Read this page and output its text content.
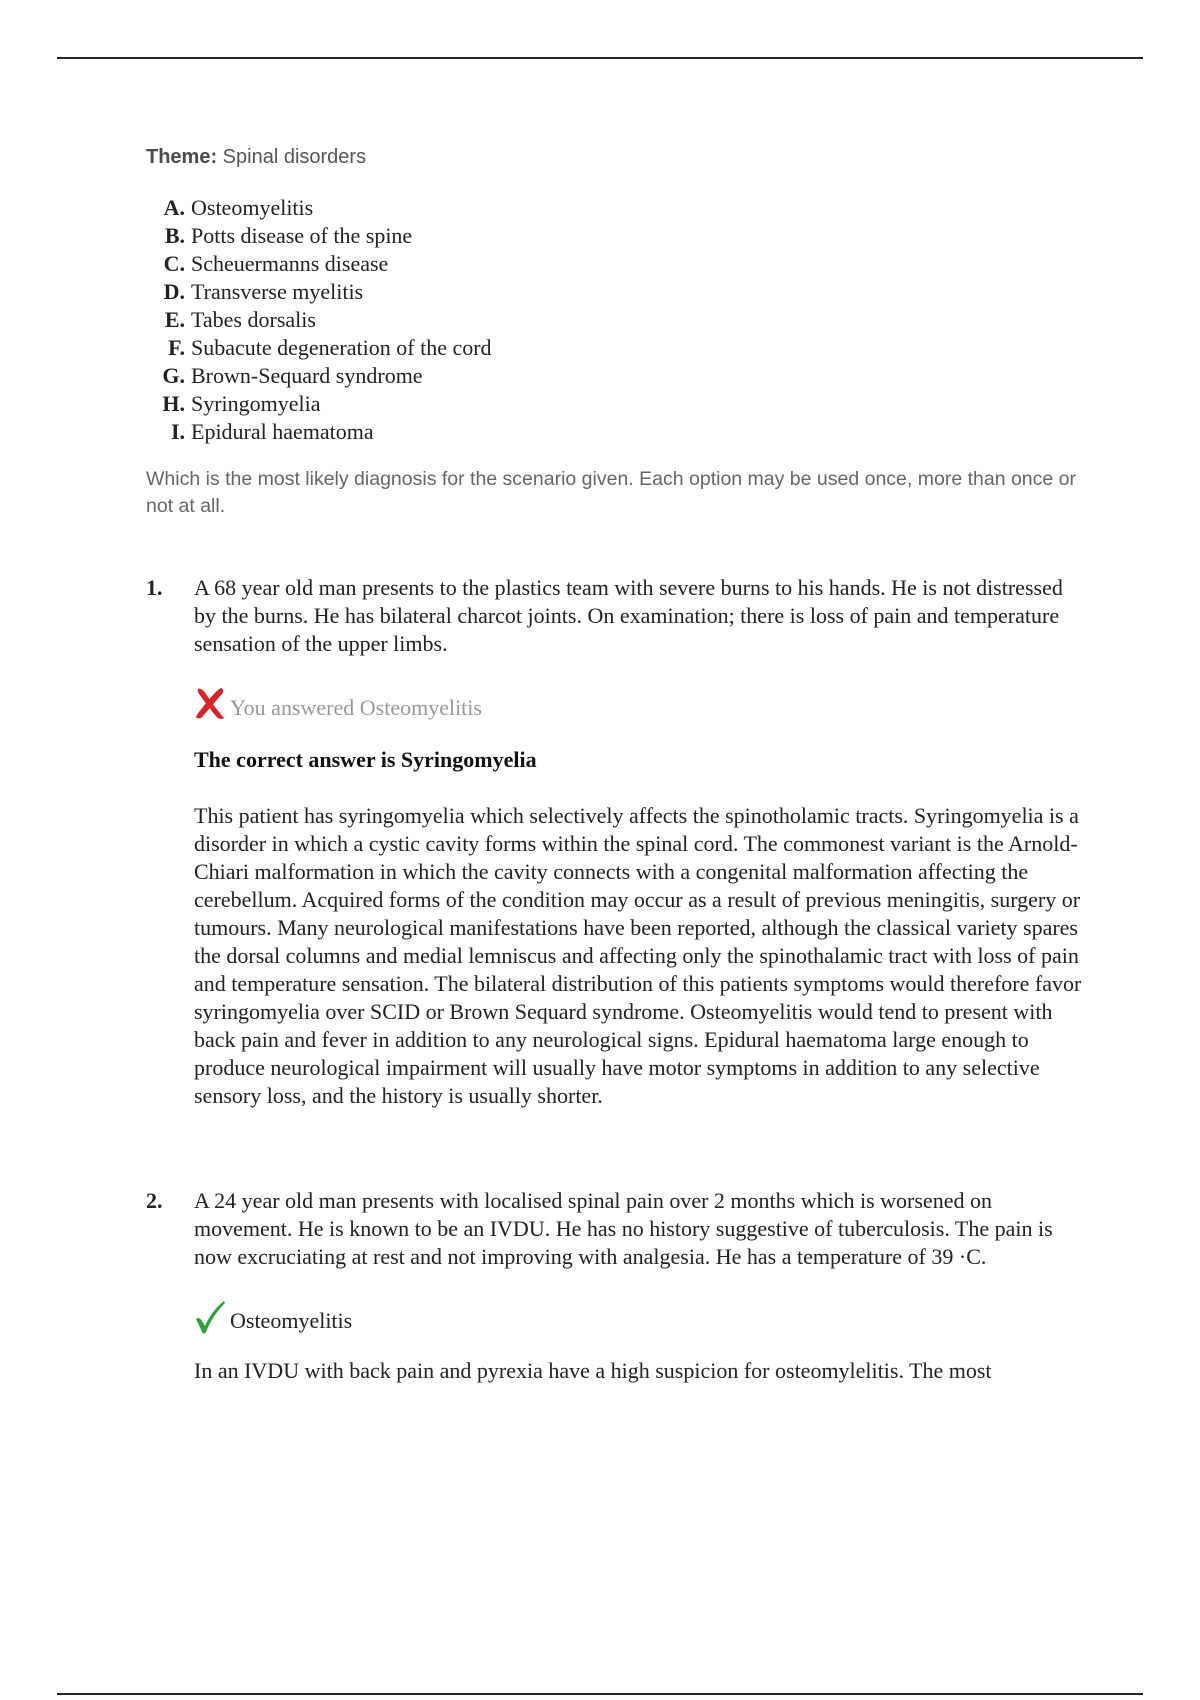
Theme: Spinal disorders
A. Osteomyelitis
B. Potts disease of the spine
C. Scheuermanns disease
D. Transverse myelitis
E. Tabes dorsalis
F. Subacute degeneration of the cord
G. Brown-Sequard syndrome
H. Syringomyelia
I. Epidural haematoma
Which is the most likely diagnosis for the scenario given. Each option may be used once, more than once or not at all.
1. A 68 year old man presents to the plastics team with severe burns to his hands. He is not distressed by the burns. He has bilateral charcot joints. On examination; there is loss of pain and temperature sensation of the upper limbs.

You answered Osteomyelitis
The correct answer is Syringomyelia

This patient has syringomyelia which selectively affects the spinotholamic tracts. Syringomyelia is a disorder in which a cystic cavity forms within the spinal cord. The commonest variant is the Arnold- Chiari malformation in which the cavity connects with a congenital malformation affecting the cerebellum. Acquired forms of the condition may occur as a result of previous meningitis, surgery or tumours. Many neurological manifestations have been reported, although the classical variety spares the dorsal columns and medial lemniscus and affecting only the spinothalamic tract with loss of pain and temperature sensation. The bilateral distribution of this patients symptoms would therefore favor syringomyelia over SCID or Brown Sequard syndrome. Osteomyelitis would tend to present with back pain and fever in addition to any neurological signs. Epidural haematoma large enough to produce neurological impairment will usually have motor symptoms in addition to any selective sensory loss, and the history is usually shorter.

2. A 24 year old man presents with localised spinal pain over 2 months which is worsened on movement. He is known to be an IVDU. He has no history suggestive of tuberculosis. The pain is now excruciating at rest and not improving with analgesia. He has a temperature of 39 ·C.

Osteomyelitis

In an IVDU with back pain and pyrexia have a high suspicion for osteomylelitis. The most
